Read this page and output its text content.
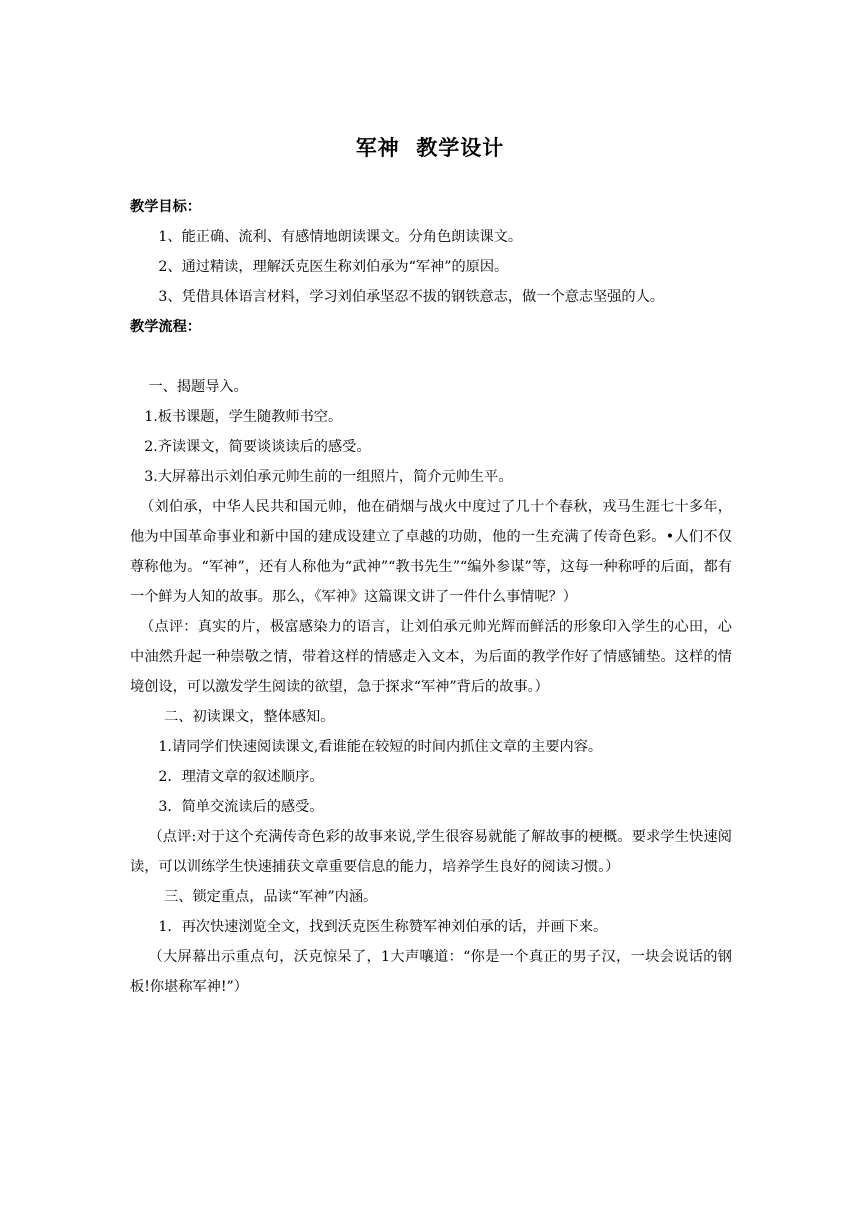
军神  教学设计

教学目标：

1、能正确、流利、有感情地朗读课文。分角色朗读课文。

2、通过精读，理解沃克医生称刘伯承为“军神”的原因。

3、凭借具体语言材料，学习刘伯承坚忍不拔的钢铁意志，做一个意志坚强的人。

教学流程：

一、揭题导入。

1.板书课题，学生随教师书空。

2.齐读课文，简要谈谈读后的感受。

3.大屏幕出示刘伯承元帅生前的一组照片，简介元帅生平。

（刘伯承，中华人民共和国元帅，他在硝烟与战火中度过了几十个春秋，戎马生涯七十多年，他为中国革命事业和新中国的建成设建立了卓越的功勋，他的一生充满了传奇色彩。•人们不仅尊称他为。“军神”，还有人称他为“武神”“教书先生”“编外参谋”等，这每一种称呼的后面，都有一个鲜为人知的故事。那么，《军神》这篇课文讲了一件什么事情呢？）

（点评：真实的片，极富感染力的语言，让刘伯承元帅光辉而鲜活的形象印入学生的心田，心中油然升起一种崇敬之情，带着这样的情感走入文本，为后面的教学作好了情感铺垫。这样的情境创设，可以激发学生阅读的欲望，急于探求“军神”背后的故事。）

二、初读课文，整体感知。

1.请同学们快速阅读课文,看谁能在较短的时间内抓住文章的主要内容。

2．理清文章的叙述顺序。

3．简单交流读后的感受。

（点评:对于这个充满传奇色彩的故事来说,学生很容易就能了解故事的梗概。要求学生快速阅读，可以训练学生快速捕获文章重要信息的能力，培养学生良好的阅读习惯。）

三、锁定重点，品读“军神”内涵。

1．再次快速浏览全文，找到沃克医生称赞军神刘伯承的话，并画下来。

（大屏幕出示重点句，沃克惊呆了，1大声嚷道：“你是一个真正的男子汉，一块会说话的钢板!你堪称军神!”）
